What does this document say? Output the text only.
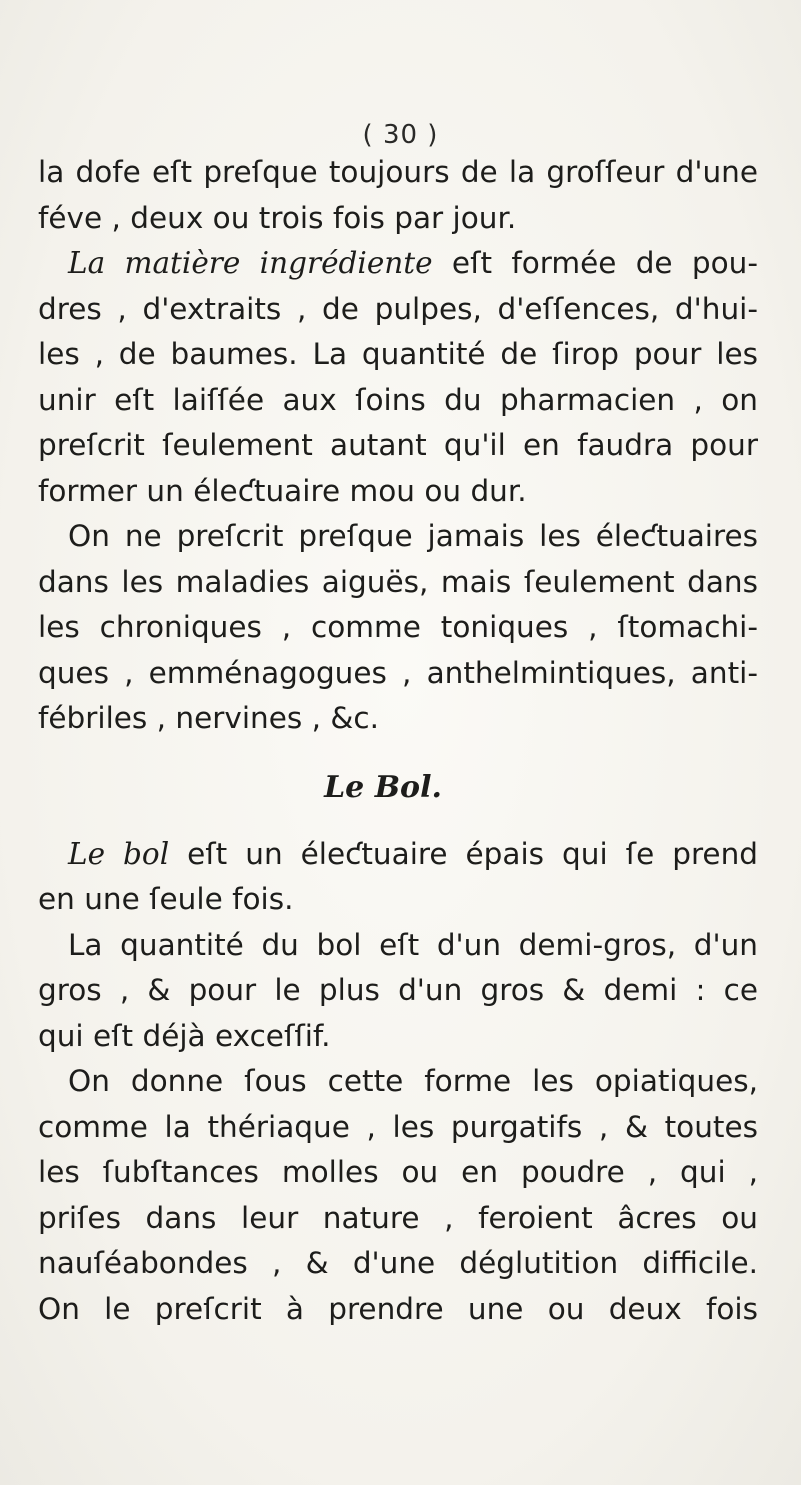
( 30 )
la dofe eſt preſque toujours de la groſſeur d'une
féve , deux ou trois fois par jour.
La matière ingrédiente eſt formée de pou-
dres , d'extraits , de pulpes, d'eſſences, d'hui-
les , de baumes. La quantité de ſirop pour les
unir eſt laiſſée aux ſoins du pharmacien , on
preſcrit ſeulement autant qu'il en faudra pour
former un éleƈtuaire mou ou dur.
On ne preſcrit preſque jamais les éleƈtuaires
dans les maladies aiguës, mais ſeulement dans
les chroniques , comme toniques , ſtomachi-
ques , emménagogues , anthelmintiques, anti-
fébriles , nervines , &c.
Le Bol.
Le bol eſt un éleƈtuaire épais qui ſe prend
en une ſeule fois.
La quantité du bol eſt d'un demi-gros, d'un
gros , & pour le plus d'un gros & demi : ce
qui eſt déjà exceſſif.
On donne ſous cette forme les opiatiques,
comme la thériaque , les purgatifs , & toutes
les ſubſtances molles ou en poudre , qui ,
priſes dans leur nature , feroient âcres ou
nauſéabondes , & d'une déglutition difficile.
On le preſcrit à prendre une ou deux fois
